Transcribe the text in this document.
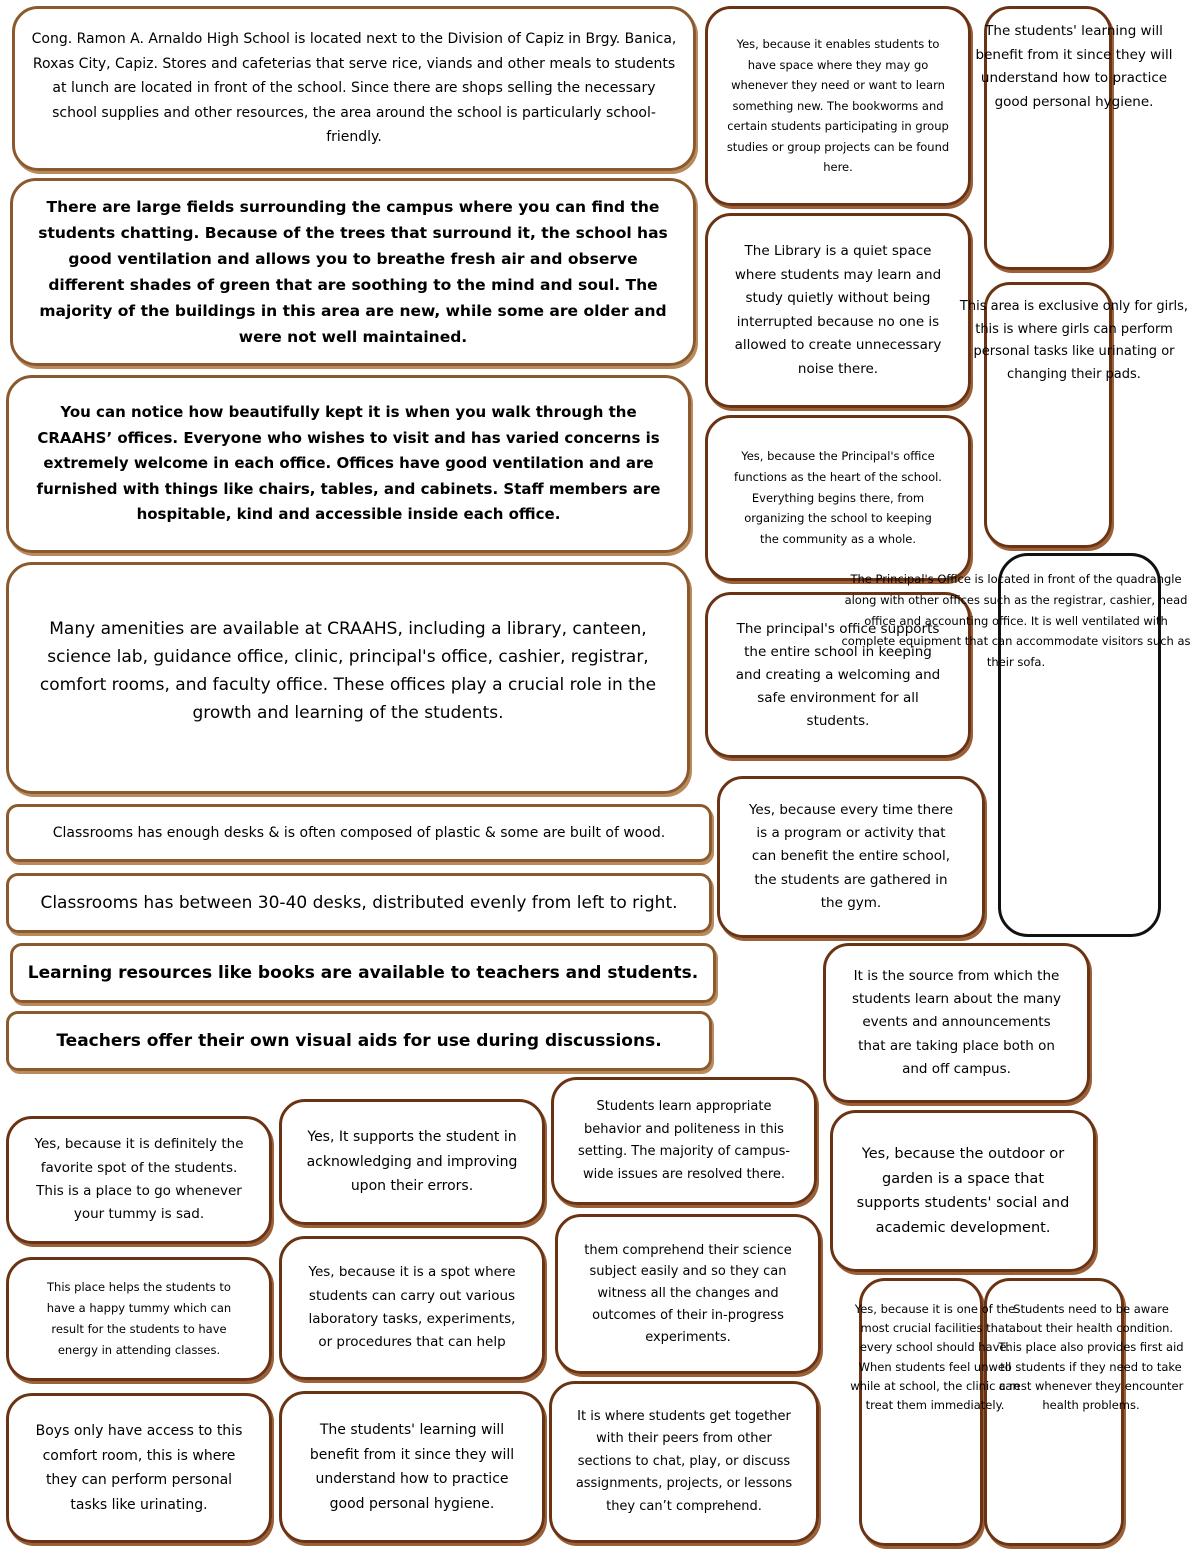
Cong. Ramon A. Arnaldo High School is located next to the Division of Capiz in Brgy. Banica, Roxas City, Capiz. Stores and cafeterias that serve rice, viands and other meals to students at lunch are located in front of the school. Since there are shops selling the necessary school supplies and other resources, the area around the school is particularly school-friendly.
There are large fields surrounding the campus where you can find the students chatting. Because of the trees that surround it, the school has good ventilation and allows you to breathe fresh air and observe different shades of green that are soothing to the mind and soul. The majority of the buildings in this area are new, while some are older and were not well maintained.
You can notice how beautifully kept it is when you walk through the CRAAHS’ offices. Everyone who wishes to visit and has varied concerns is extremely welcome in each office. Offices have good ventilation and are furnished with things like chairs, tables, and cabinets. Staff members are hospitable, kind and accessible inside each office.
Many amenities are available at CRAAHS, including a library, canteen, science lab, guidance office, clinic, principal's office, cashier, registrar, comfort rooms, and faculty office. These offices play a crucial role in the growth and learning of the students.
Classrooms has enough desks & is often composed of plastic & some are built of wood.
Classrooms has between 30-40 desks, distributed evenly from left to right.
Learning resources like books are available to teachers and students.
Teachers offer their own visual aids for use during discussions.
Yes, because it enables students to have space where they may go whenever they need or want to learn something new. The bookworms and certain students participating in group studies or group projects can be found here.
The Library is a quiet space where students may learn and study quietly without being interrupted because no one is allowed to create unnecessary noise there.
Yes, because the Principal's office functions as the heart of the school. Everything begins there, from organizing the school to keeping the community as a whole.
The principal's office supports the entire school in keeping and creating a welcoming and safe environment for all students.
Yes, because every time there is a program or activity that can benefit the entire school, the students are gathered in the gym.
It is the source from which the students learn about the many events and announcements that are taking place both on and off campus.
Yes, because the outdoor or garden is a space that supports students' social and academic development.
The students' learning will benefit from it since they will understand how to practice good personal hygiene.
This area is exclusive only for girls, this is where girls can perform personal tasks like urinating or changing their pads.
The Principal's Office is located in front of the quadrangle along with other offices such as the registrar, cashier, head office and accounting office. It is well ventilated with complete equipment that can accommodate visitors such as their sofa.
Yes, because it is one of the most crucial facilities that every school should have. When students feel unwell while at school, the clinic can treat them immediately.
Students need to be aware about their health condition. This place also provides first aid to students if they need to take a rest whenever they encounter health problems.
Yes, because it is definitely the favorite spot of the students. This is a place to go whenever your tummy is sad.
Yes, It supports the student in acknowledging and improving upon their errors.
Students learn appropriate behavior and politeness in this setting. The majority of campus-wide issues are resolved there.
This place helps the students to have a happy tummy which can result for the students to have energy in attending classes.
Yes, because it is a spot where students can carry out various laboratory tasks, experiments, or procedures that can help
them comprehend their science subject easily and so they can witness all the changes and outcomes of their in-progress experiments.
Boys only have access to this comfort room, this is where they can perform personal tasks like urinating.
The students' learning will benefit from it since they will understand how to practice good personal hygiene.
It is where students get together with their peers from other sections to chat, play, or discuss assignments, projects, or lessons they can’t comprehend.
